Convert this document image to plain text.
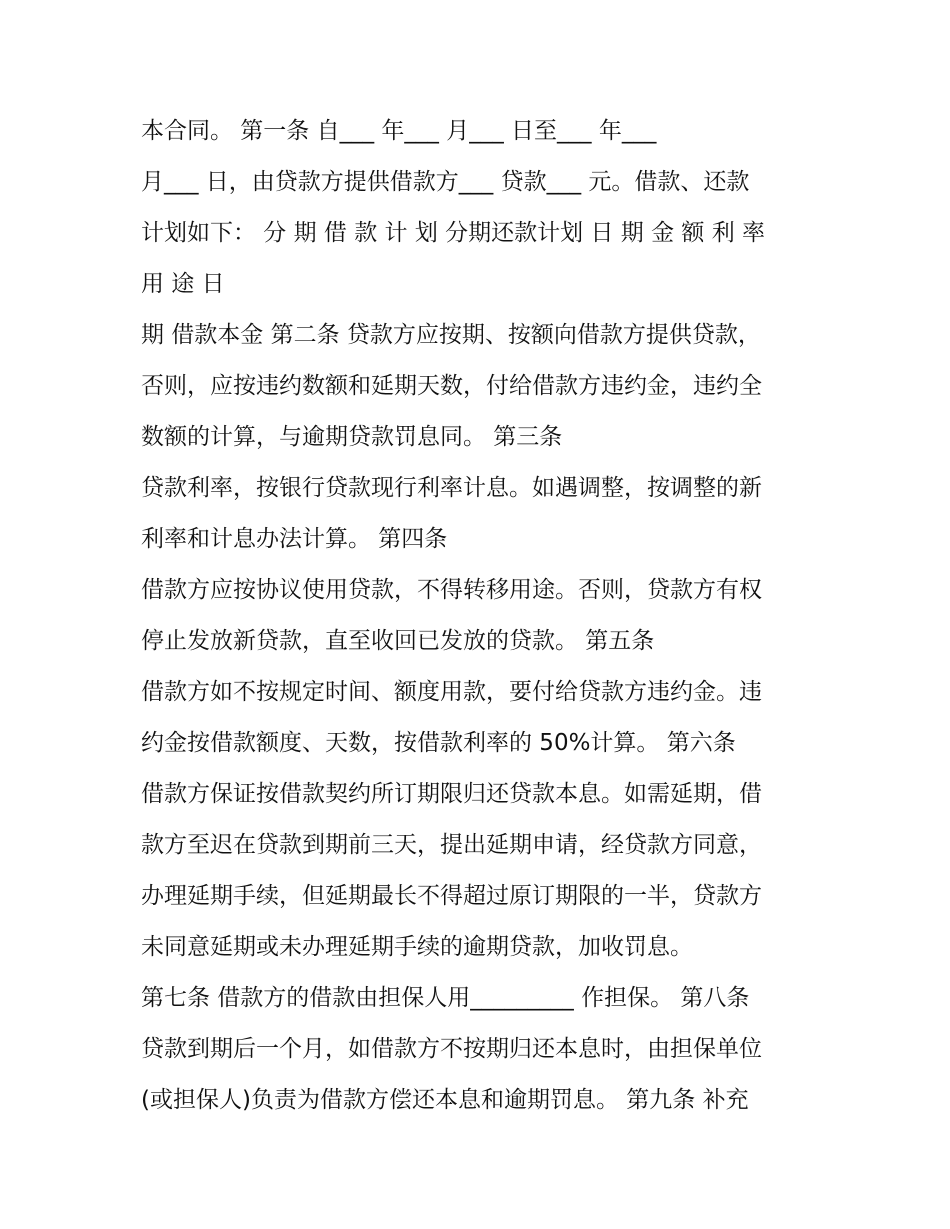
本合同。 第一条 自___ 年___ 月___ 日至___ 年___
月___ 日，由贷款方提供借款方___ 贷款___ 元。借款、还款
计划如下： 分 期 借 款 计 划 分期还款计划 日 期 金 额 利 率
用 途 日
期 借款本金 第二条 贷款方应按期、按额向借款方提供贷款，
否则，应按违约数额和延期天数，付给借款方违约金，违约全
数额的计算，与逾期贷款罚息同。 第三条
贷款利率，按银行贷款现行利率计息。如遇调整，按调整的新
利率和计息办法计算。 第四条
借款方应按协议使用贷款，不得转移用途。否则，贷款方有权
停止发放新贷款，直至收回已发放的贷款。 第五条
借款方如不按规定时间、额度用款，要付给贷款方违约金。违
约金按借款额度、天数，按借款利率的 50%计算。 第六条
借款方保证按借款契约所订期限归还贷款本息。如需延期，借
款方至迟在贷款到期前三天，提出延期申请，经贷款方同意，
办理延期手续，但延期最长不得超过原订期限的一半，贷款方
未同意延期或未办理延期手续的逾期贷款，加收罚息。
第七条 借款方的借款由担保人用_________ 作担保。 第八条
贷款到期后一个月，如借款方不按期归还本息时，由担保单位
(或担保人)负责为借款方偿还本息和逾期罚息。 第九条 补充
